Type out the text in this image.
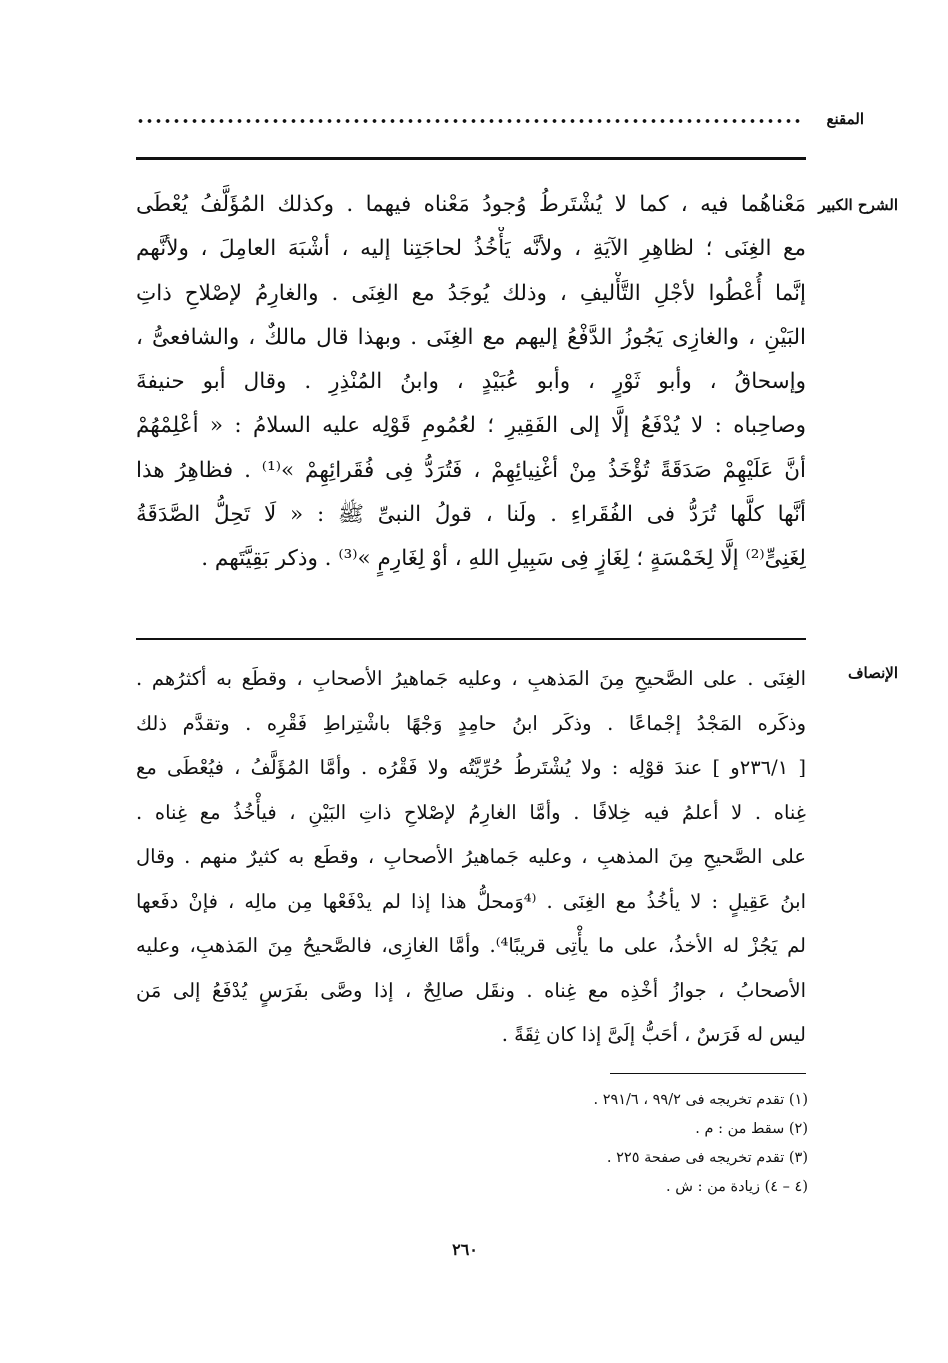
المقنع
الشرح الكبير
مَعْناهُما فيه ، كما لا يُشْتَرطُ وُجودُ مَعْناه فيهما . وكذلك المُؤَلَّفُ يُعْطَى
مع الغِنَى ؛ لظاهِرِ الآيَةِ ، ولأنَّه يَأْخُذُ لحاجَتِنا إليه ، أشْبَهَ العامِلَ ، ولأنَّهم
إنَّما أُعْطُوا لأجْلِ التَّأْليفِ ، وذلك يُوجَدُ مع الغِنَى . والغارِمُ لإصْلاحِ ذاتِ
البَيْنِ ، والغازِى يَجُوزُ الدَّفْعُ إليهم مع الغِنَى . وبهذا قال مالكٌ ، والشافعىُّ ،
وإسحاقُ ، وأبو ثَوْرٍ ، وأبو عُبَيْدٍ ، وابنُ المُنْذِرِ . وقال أبو حنيفةَ
وصاحِباه : لا يُدْفَعُ إلَّا إلى الفَقِيرِ ؛ لعُمُومِ قَوْلِه عليه السلامُ : « أعْلِمْهُمْ
أنَّ عَلَيْهِمْ صَدَقَةً تُؤْخَذُ مِنْ أغْنِيائِهِمْ ، فَتُرَدُّ فِى فُقَرائِهِمْ »⁽¹⁾ . فظاهِرُ هذا
أنَّها كلَّها تُرَدُّ فى الفُقَراءِ . ولَنا ، قولُ النبىِّ ﷺ : « لَا تَحِلُّ الصَّدَقَةُ
لِغَنِىٍّ⁽²⁾ إلَّا لِخَمْسَةٍ ؛ لِغَازٍ فِى سَبِيلِ اللهِ ، أوْ لِغَارِمٍ »⁽³⁾ . وذكر بَقِيَّتَهم .
الإنصاف
الغِنَى . على الصَّحيحِ مِنَ المَذهبِ ، وعليه جَماهيرُ الأصحابِ ، وقطَع به أكثرُهم .
وذكَره المَجْدُ إجْماعًا . وذكَر ابنُ حامِدٍ وَجْهًا باشْتِراطِ فَقْرِه . وتقدَّم ذلك
[ ٢٣٦/١و ] عندَ قوْلِه : ولا يُشْتَرطُ حُرِّيَّتُه ولا فَقْرُه . وأمَّا المُؤَلَّفُ ، فيُعْطَى مع
غِناه . لا أعلمُ فيه خِلافًا . وأمَّا الغارِمُ لإصْلاحِ ذاتِ البَيْنِ ، فيأْخُذُ مع غِناه .
على الصَّحيحِ مِنَ المذهبِ ، وعليه جَماهيرُ الأصحابِ ، وقطَع به كثيرٌ منهم . وقال
ابنُ عَقِيلٍ : لا يأخُذُ مع الغِنَى . ⁽⁴وَمحلُّ هذا إذا لم يدْفَعْها مِن مالِه ، فإنْ دفَعها
لم يَجُزْ له الأخذُ، على ما يأْتِى قريبًا⁴⁾. وأمَّا الغازِى، فالصَّحيحُ مِنَ المَذهبِ، وعليه
الأصحابُ ، جوازُ أخْذِه مع غِناه . ونقَل صالِحٌ ، إذا وصَّى بفَرَسٍ يُدْفَعُ إلى مَن
ليس له فَرَسٌ ، أحَبُّ إلَىَّ إذا كان ثِقَةً .
(١) تقدم تخريجه فى ٩٩/٢ ، ٢٩١/٦ .
(٢) سقط من : م .
(٣) تقدم تخريجه فى صفحة ٢٢٥ .
(٤ – ٤) زيادة من : ش .
٢٦٠
